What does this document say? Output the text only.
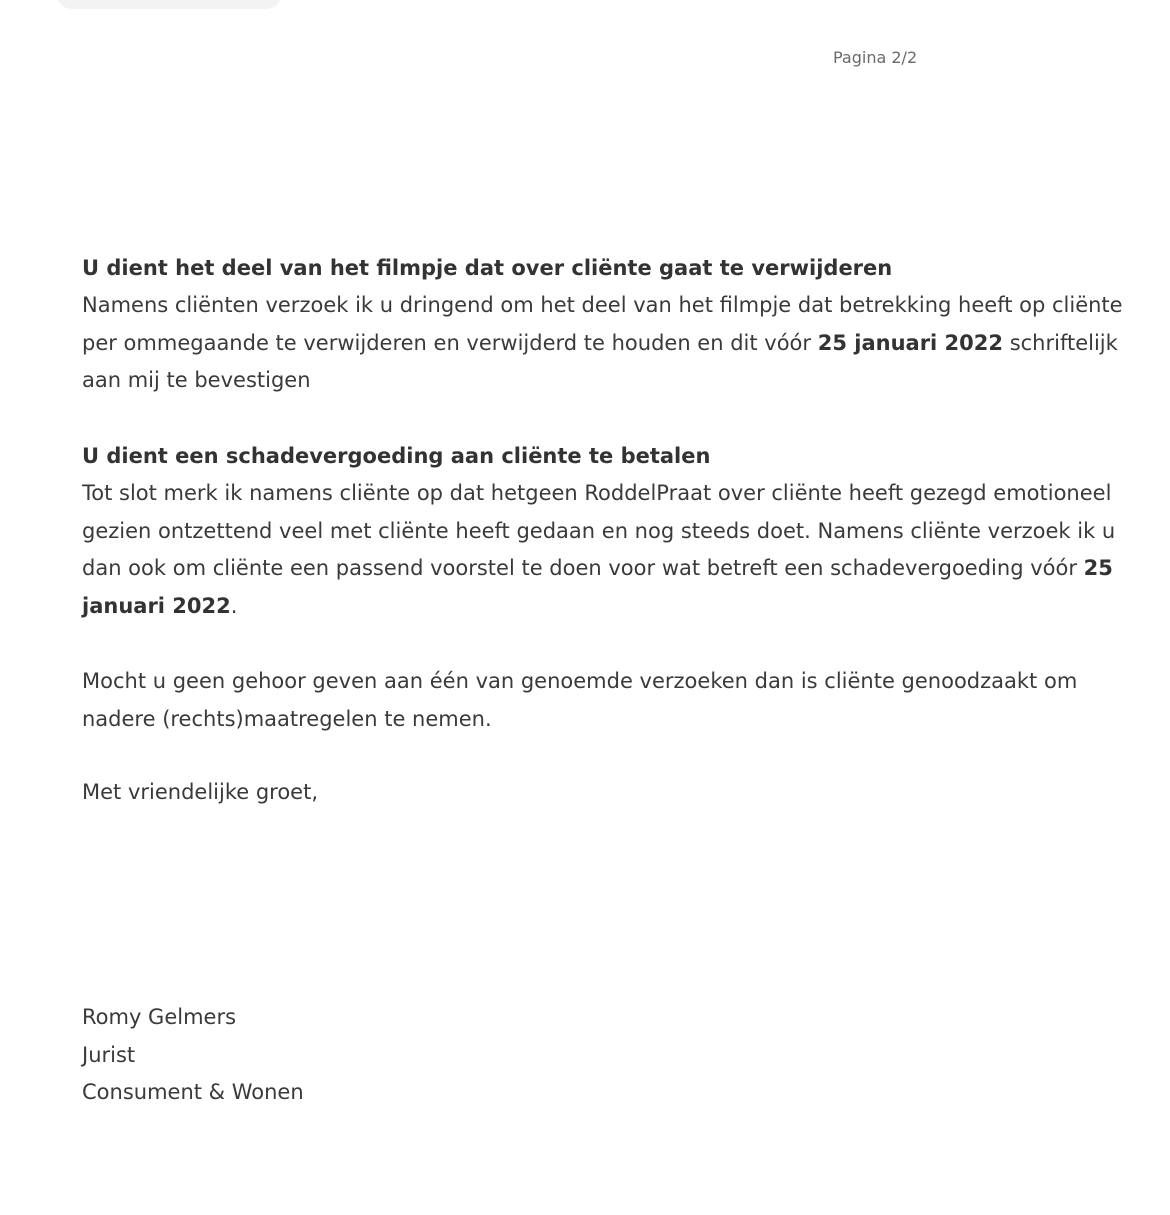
Pagina 2/2
U dient het deel van het filmpje dat over cliënte gaat te verwijderen
Namens cliënten verzoek ik u dringend om het deel van het filmpje dat betrekking heeft op cliënte
per ommegaande te verwijderen en verwijderd te houden en dit vóór 25 januari 2022 schriftelijk
aan mij te bevestigen
U dient een schadevergoeding aan cliënte te betalen
Tot slot merk ik namens cliënte op dat hetgeen RoddelPraat over cliënte heeft gezegd emotioneel
gezien ontzettend veel met cliënte heeft gedaan en nog steeds doet. Namens cliënte verzoek ik u
dan ook om cliënte een passend voorstel te doen voor wat betreft een schadevergoeding vóór 25
januari 2022.
Mocht u geen gehoor geven aan één van genoemde verzoeken dan is cliënte genoodzaakt om
nadere (rechts)maatregelen te nemen.
Met vriendelijke groet,
Romy Gelmers
Jurist
Consument & Wonen
